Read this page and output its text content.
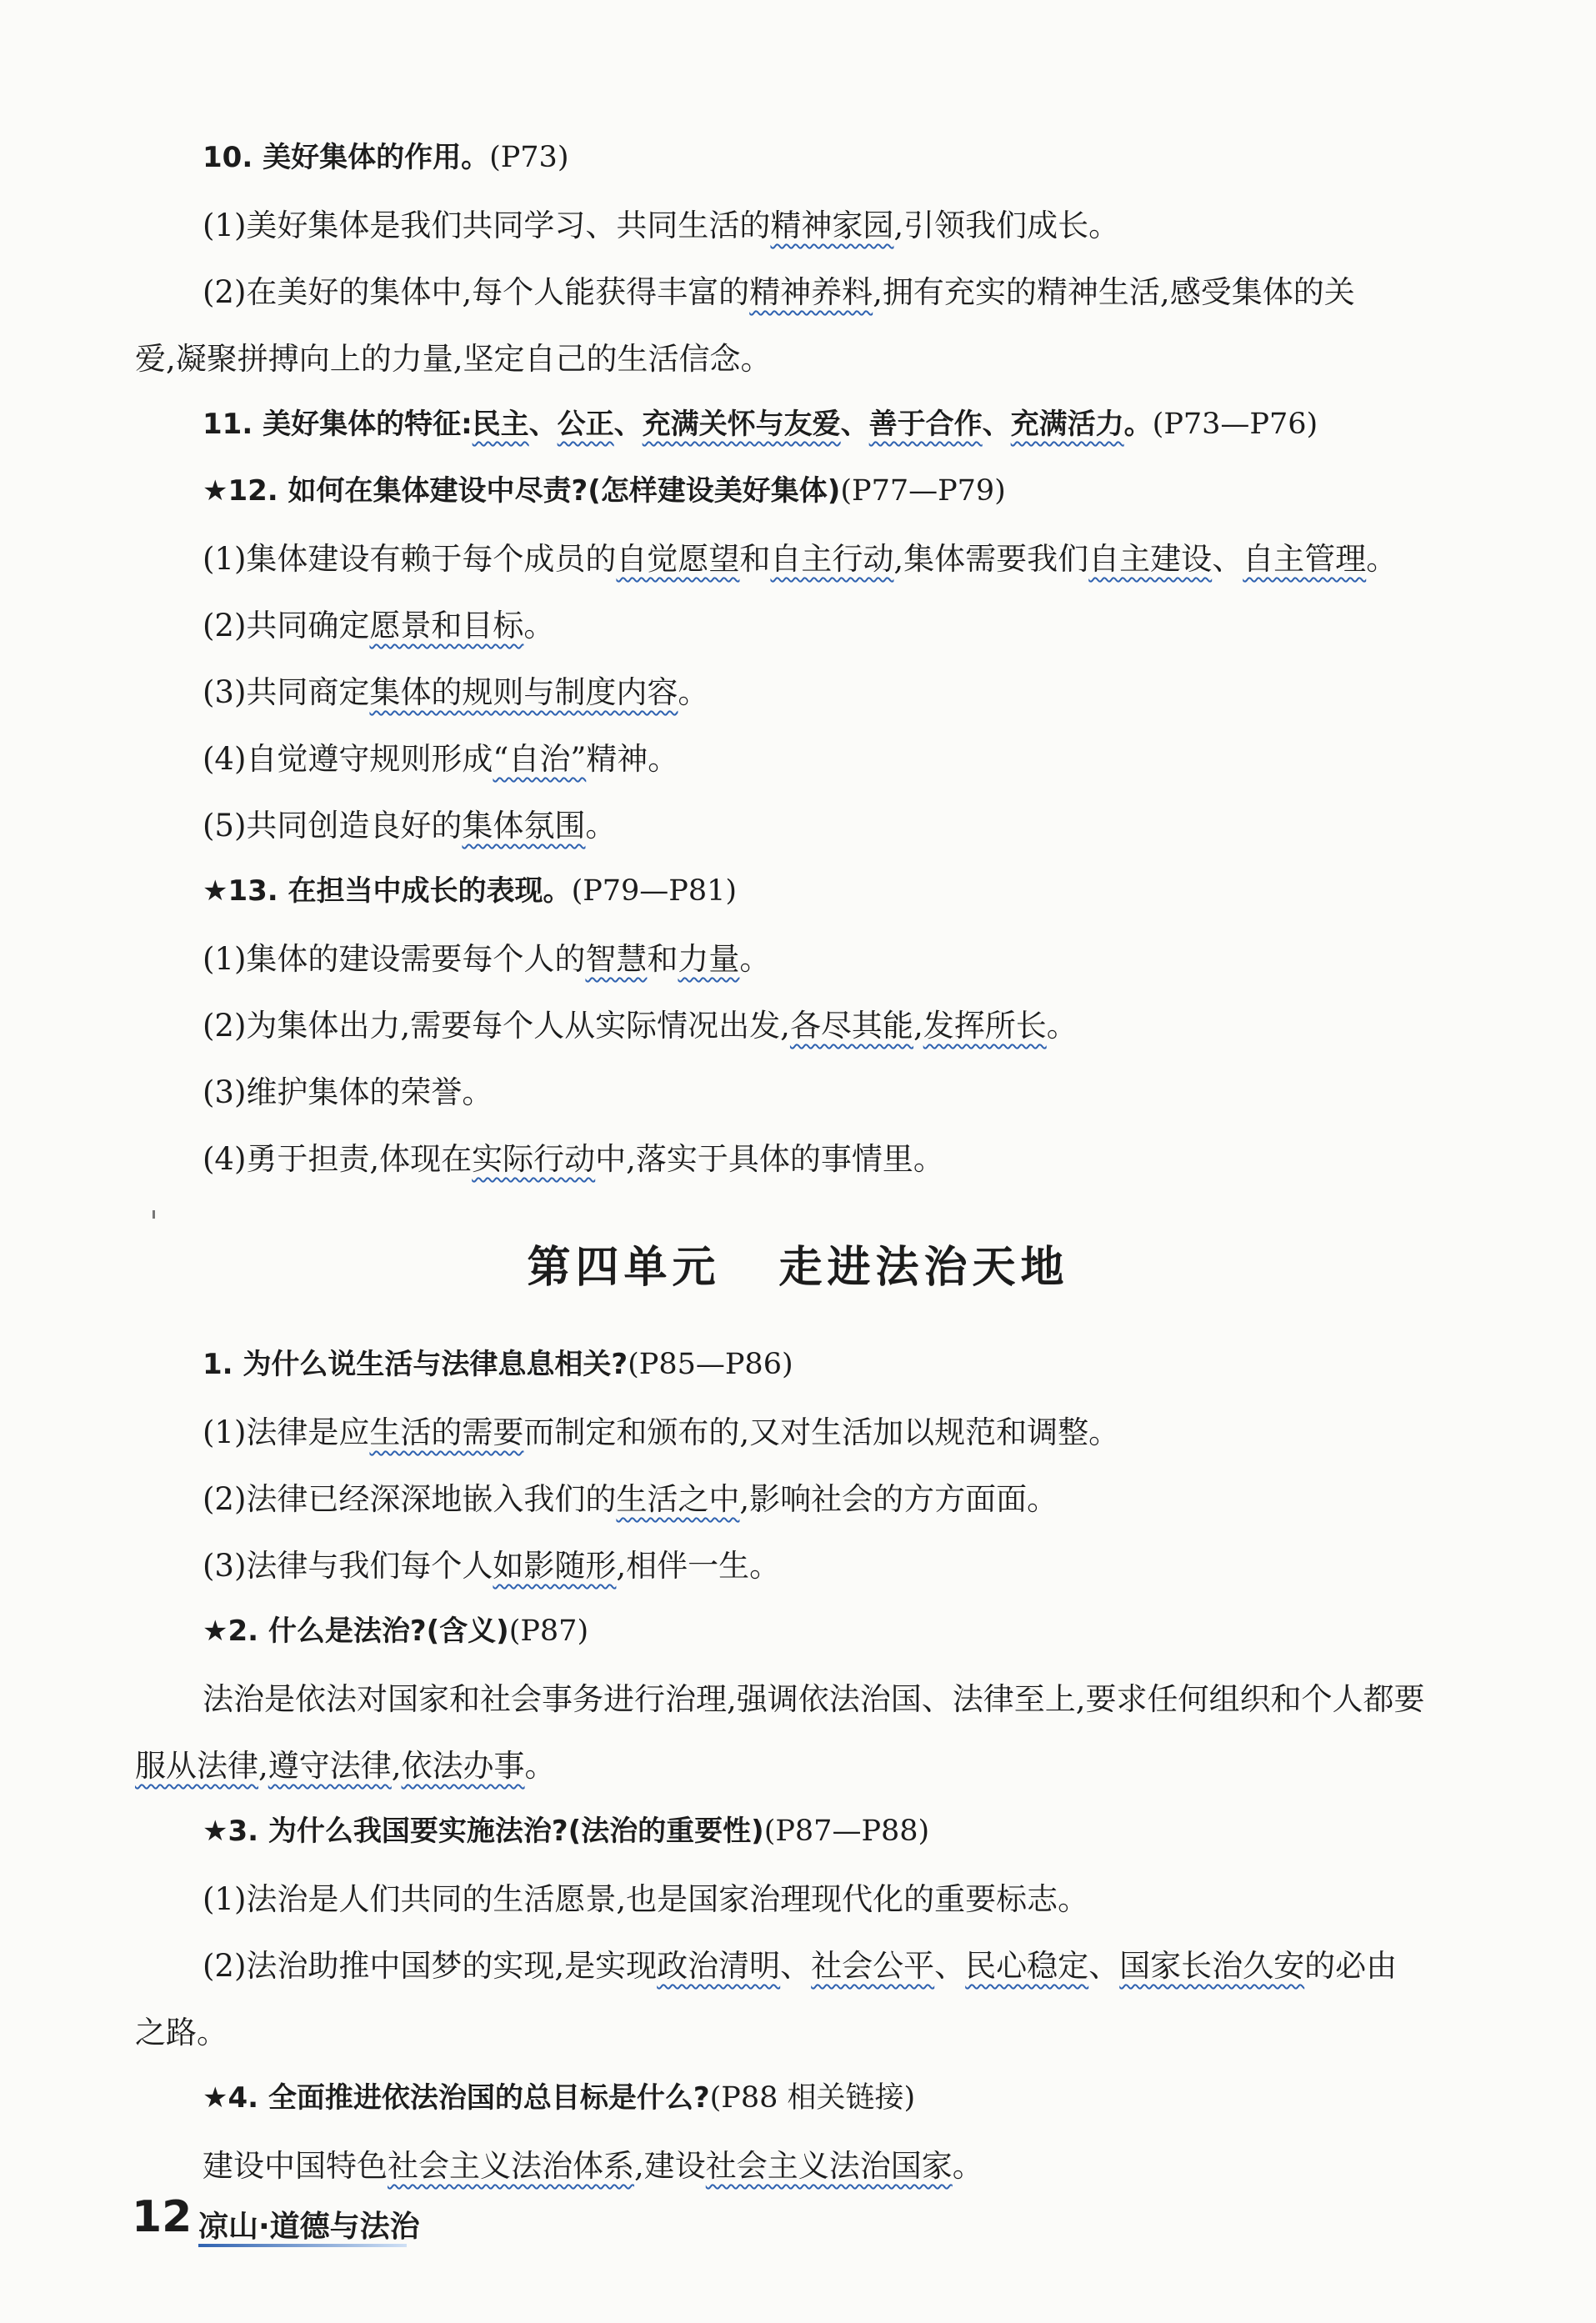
10. 美好集体的作用。(P73)
(1)美好集体是我们共同学习、共同生活的精神家园,引领我们成长。
(2)在美好的集体中,每个人能获得丰富的精神养料,拥有充实的精神生活,感受集体的关
爱,凝聚拼搏向上的力量,坚定自己的生活信念。
11. 美好集体的特征:民主、公正、充满关怀与友爱、善于合作、充满活力。(P73—P76)
★12. 如何在集体建设中尽责?(怎样建设美好集体)(P77—P79)
(1)集体建设有赖于每个成员的自觉愿望和自主行动,集体需要我们自主建设、自主管理。
(2)共同确定愿景和目标。
(3)共同商定集体的规则与制度内容。
(4)自觉遵守规则形成“自治”精神。
(5)共同创造良好的集体氛围。
★13. 在担当中成长的表现。(P79—P81)
(1)集体的建设需要每个人的智慧和力量。
(2)为集体出力,需要每个人从实际情况出发,各尽其能,发挥所长。
(3)维护集体的荣誉。
(4)勇于担责,体现在实际行动中,落实于具体的事情里。
1. 为什么说生活与法律息息相关?(P85—P86)
(1)法律是应生活的需要而制定和颁布的,又对生活加以规范和调整。
(2)法律已经深深地嵌入我们的生活之中,影响社会的方方面面。
(3)法律与我们每个人如影随形,相伴一生。
★2. 什么是法治?(含义)(P87)
法治是依法对国家和社会事务进行治理,强调依法治国、法律至上,要求任何组织和个人都要
服从法律,遵守法律,依法办事。
★3. 为什么我国要实施法治?(法治的重要性)(P87—P88)
(1)法治是人们共同的生活愿景,也是国家治理现代化的重要标志。
(2)法治助推中国梦的实现,是实现政治清明、社会公平、民心稳定、国家长治久安的必由
之路。
★4. 全面推进依法治国的总目标是什么?(P88 相关链接)
建设中国特色社会主义法治体系,建设社会主义法治国家。
第四单元 走进法治天地
12 凉山·道德与法治
